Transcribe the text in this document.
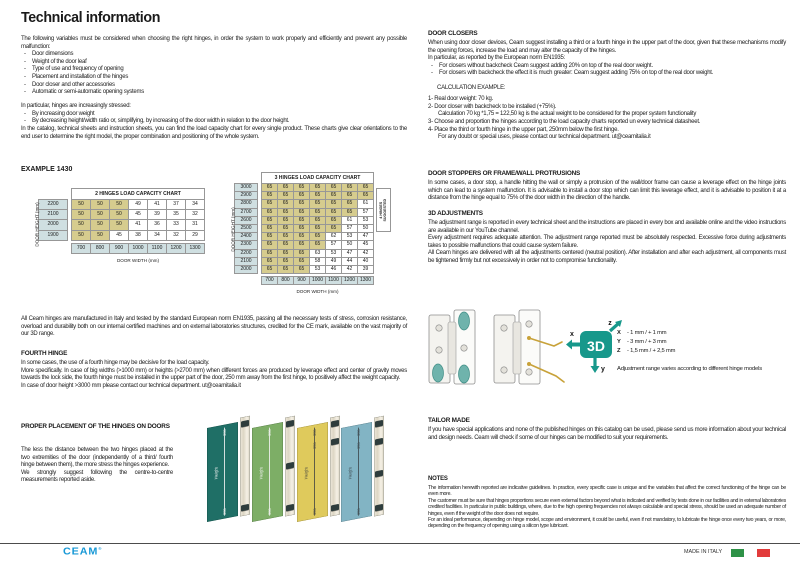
Technical information
The following variables must be considered when choosing the right hinges, in order the system to work properly and efficiently and prevent any possible malfunction:
- Door dimensions
- Weight of the door leaf
- Type of use and frequency of opening
- Placement and installation of the hinges
- Door closer and other accessories
- Automatic or semi-automatic opening systems
In particular, hinges are increasingly stressed:
- By increasing door weight
- By decreasing height/width ratio or, simplifying, by increasing of the door width in relation to the door height.
In the catalog, technical sheets and instruction sheets, you can find the load capacity chart for every single product. These charts give clear orientations to the end user to determine the right model, the proper combination and positioning of the whole system.
EXAMPLE 1430
2 HINGES LOAD CAPACITY CHART
2200	50	50	50	49	41	37	34
2100	50	50	50	45	39	35	32
2000	50	50	50	41	36	33	31
1900	50	50	45	38	34	32	29
700	800	900	1000	1100	1200	1300
DOOR WIDTH (mm)
DOOR HEIGHT (mm)
3 HINGES LOAD CAPACITY CHART
3000	65	65	65	65	65	65	65
2900	65	65	65	65	65	65	65
2800	65	65	65	65	65	65	61
2700	65	65	65	65	65	65	57
2600	65	65	65	65	65	61	53
2500	65	65	65	65	65	57	50
2400	65	65	65	65	62	53	47
2300	65	65	65	65	57	50	45
2200	65	65	65	63	53	47	42
2100	65	65	65	58	49	44	40
2000	65	65	65	53	46	42	39
700	800	900	1000	1100	1200 1300
DOOR WIDTH (mm)
DOOR HEIGHT (mm)	4 HINGES SUGGESTED
All Ceam hinges are manufactured in Italy and tested by the standard European norm EN1935, passing all the necessary tests of stress, corrosion resistance, overload and durability both on our internal certified machines and on external laboratories structures, credited for the CE mark, available on the vast majority of our 3D range.
FOURTH HINGE
In some cases, the use of a fourth hinge may be decisive for the load capacity.
More specifically. In case of big widths (>1000 mm) or heights (>2700 mm) when different forces are produced by leverage effect and center of gravity moves towards the lock side, the fourth hinge must be installed in the upper part of the door, 250 mm away from the first hinge, to positively affect the weight capacity.
In case of door height >3000 mm please contact our technical department. ut@ceamitalia.it
PROPER PLACEMENT OF THE HINGES ON DOORS
The less the distance between the two hinges placed at the two extremities of the door (independently of a third/ fourth hinge between them), the more stress the hinges experience.
We strongly suggest following the centre-to-centre measurements reported aside.
200
Height
200
200
Height
200
200
250
Height
250
200
250
Height
250
DOOR CLOSERS
When using door closer devices, Ceam suggest installing a third or a fourth hinge in the upper part of the door, given that these mechanisms modify the opening forces, increase the load and may alter the capacity of the hinges.
In particular, as reported by the European norm EN1935:
- For closers without backcheck Ceam suggest adding 20% on top of the real door weight.
- For closers with backcheck the effect it is much greater: Ceam suggest adding 75% on top of the real door weight.
CALCULATION EXAMPLE:
1- Real door weight: 70 kg.
2- Door closer with backcheck to be installed (+75%).
Calculation 70 kg *1,75 = 122,50 kg is the actual weight to be considered for the proper system functionality
3- Choose and proportion the hinges according to the load capacity charts reported un every technical datasheet.
4- Place the third or fourth hinge in the upper part, 250mm below the first hinge.
For any doubt or special uses, please contact our technical department. ut@ceamitalia.it
DOOR STOPPERS OR FRAME/WALL PROTRUSIONS
In some cases, a door stop, a handle hitting the wall or simply a protrusion of the wall/door frame can cause a leverage effect on the hinge joints which can lead to a system malfunction. It is advisable to install a door stop which can limit this leverage effect, and it is advisable to position it at a distance from the hinge equal to 75% of the door width in the direction of the handle.
3D ADJUSTMENTS
The adjustment range is reported in every technical sheet and the instructions are placed in every box and available online and the video instructions are available in our YouTube channel.
Every adjustment requires adequate attention. The adjustment range reported must be absolutely respected. Excessive force during adjustments takes to possible malfunctions that could cause system failure.
All Ceam hinges are delivered with all the adjustments centered (neutral position). After installation and after each adjustment, all components must be tightened firmly but not excessively in order not to compromise functionality.
3D
x
z
y
X	- 1 mm / + 1 mm
Y	- 3 mm / + 3 mm
Z	- 1,5 mm / + 2,5 mm
Adjustment range varies according to different hinge models
TAILOR MADE
If you have special applications and none of the published hinges on this catalog can be used, please send us more information about your technical and design needs. Ceam will check if some of our hinges can be modified to suit your requirements.
NOTES
The information herewith reported are indicative guidelines. In practice, every specific case is unique and the variables that affect the correct functioning of the hinge can be even more.
The customer must be sure that hinges proportions secure even external factors beyond what is indicated and verified by tests done in our facilities and in external laboratories credited facilities. In particular in public buildings, where, due to the high opening frequencies not always calculable and special stress, should be used an adequate number of hinges, even if the weight of the door does not require.
For an ideal performance, depending on hinge model, scope and environment, it could be useful, even if not mandatory, to lubricate the hinge once every two years, or more, depending on the frequency of opening using a silicon type lubricant.
CEAM®
MADE IN ITALY
